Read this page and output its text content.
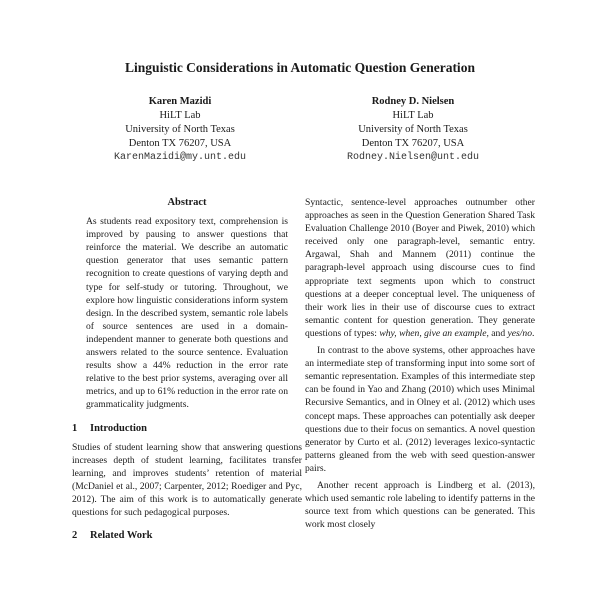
Linguistic Considerations in Automatic Question Generation
Karen Mazidi
HiLT Lab
University of North Texas
Denton TX 76207, USA
KarenMazidi@my.unt.edu
Rodney D. Nielsen
HiLT Lab
University of North Texas
Denton TX 76207, USA
Rodney.Nielsen@unt.edu
Abstract

As students read expository text, comprehension is improved by pausing to answer questions that reinforce the material. We describe an automatic question generator that uses semantic pattern recognition to create questions of varying depth and type for self-study or tutoring. Throughout, we explore how linguistic considerations inform system design. In the described system, semantic role labels of source sentences are used in a domain-independent manner to generate both questions and answers related to the source sentence. Evaluation results show a 44% reduction in the error rate relative to the best prior systems, averaging over all metrics, and up to 61% reduction in the error rate on grammaticality judgments.

1 Introduction

Studies of student learning show that answering questions increases depth of student learning, facilitates transfer learning, and improves students’ retention of material (McDaniel et al., 2007; Carpenter, 2012; Roediger and Pyc, 2012). The aim of this work is to automatically generate questions for such pedagogical purposes.

2 Related Work

Syntactic, sentence-level approaches outnumber other approaches as seen in the Question Generation Shared Task Evaluation Challenge 2010 (Boyer and Piwek, 2010) which received only one paragraph-level, semantic entry. Argawal, Shah and Mannem (2011) continue the paragraph-level approach using discourse cues to find appropriate text segments upon which to construct questions at a deeper conceptual level. The uniqueness of their work lies in their use of discourse cues to extract semantic content for question generation. They generate questions of types: why, when, give an example, and yes/no.

In contrast to the above systems, other approaches have an intermediate step of transforming input into some sort of semantic representation. Examples of this intermediate step can be found in Yao and Zhang (2010) which uses Minimal Recursive Semantics, and in Olney et al. (2012) which uses concept maps. These approaches can potentially ask deeper questions due to their focus on semantics. A novel question generator by Curto et al. (2012) leverages lexico-syntactic patterns gleaned from the web with seed question-answer pairs.

Another recent approach is Lindberg et al. (2013), which used semantic role labeling to identify patterns in the source text from which questions can be generated. This work most closely
